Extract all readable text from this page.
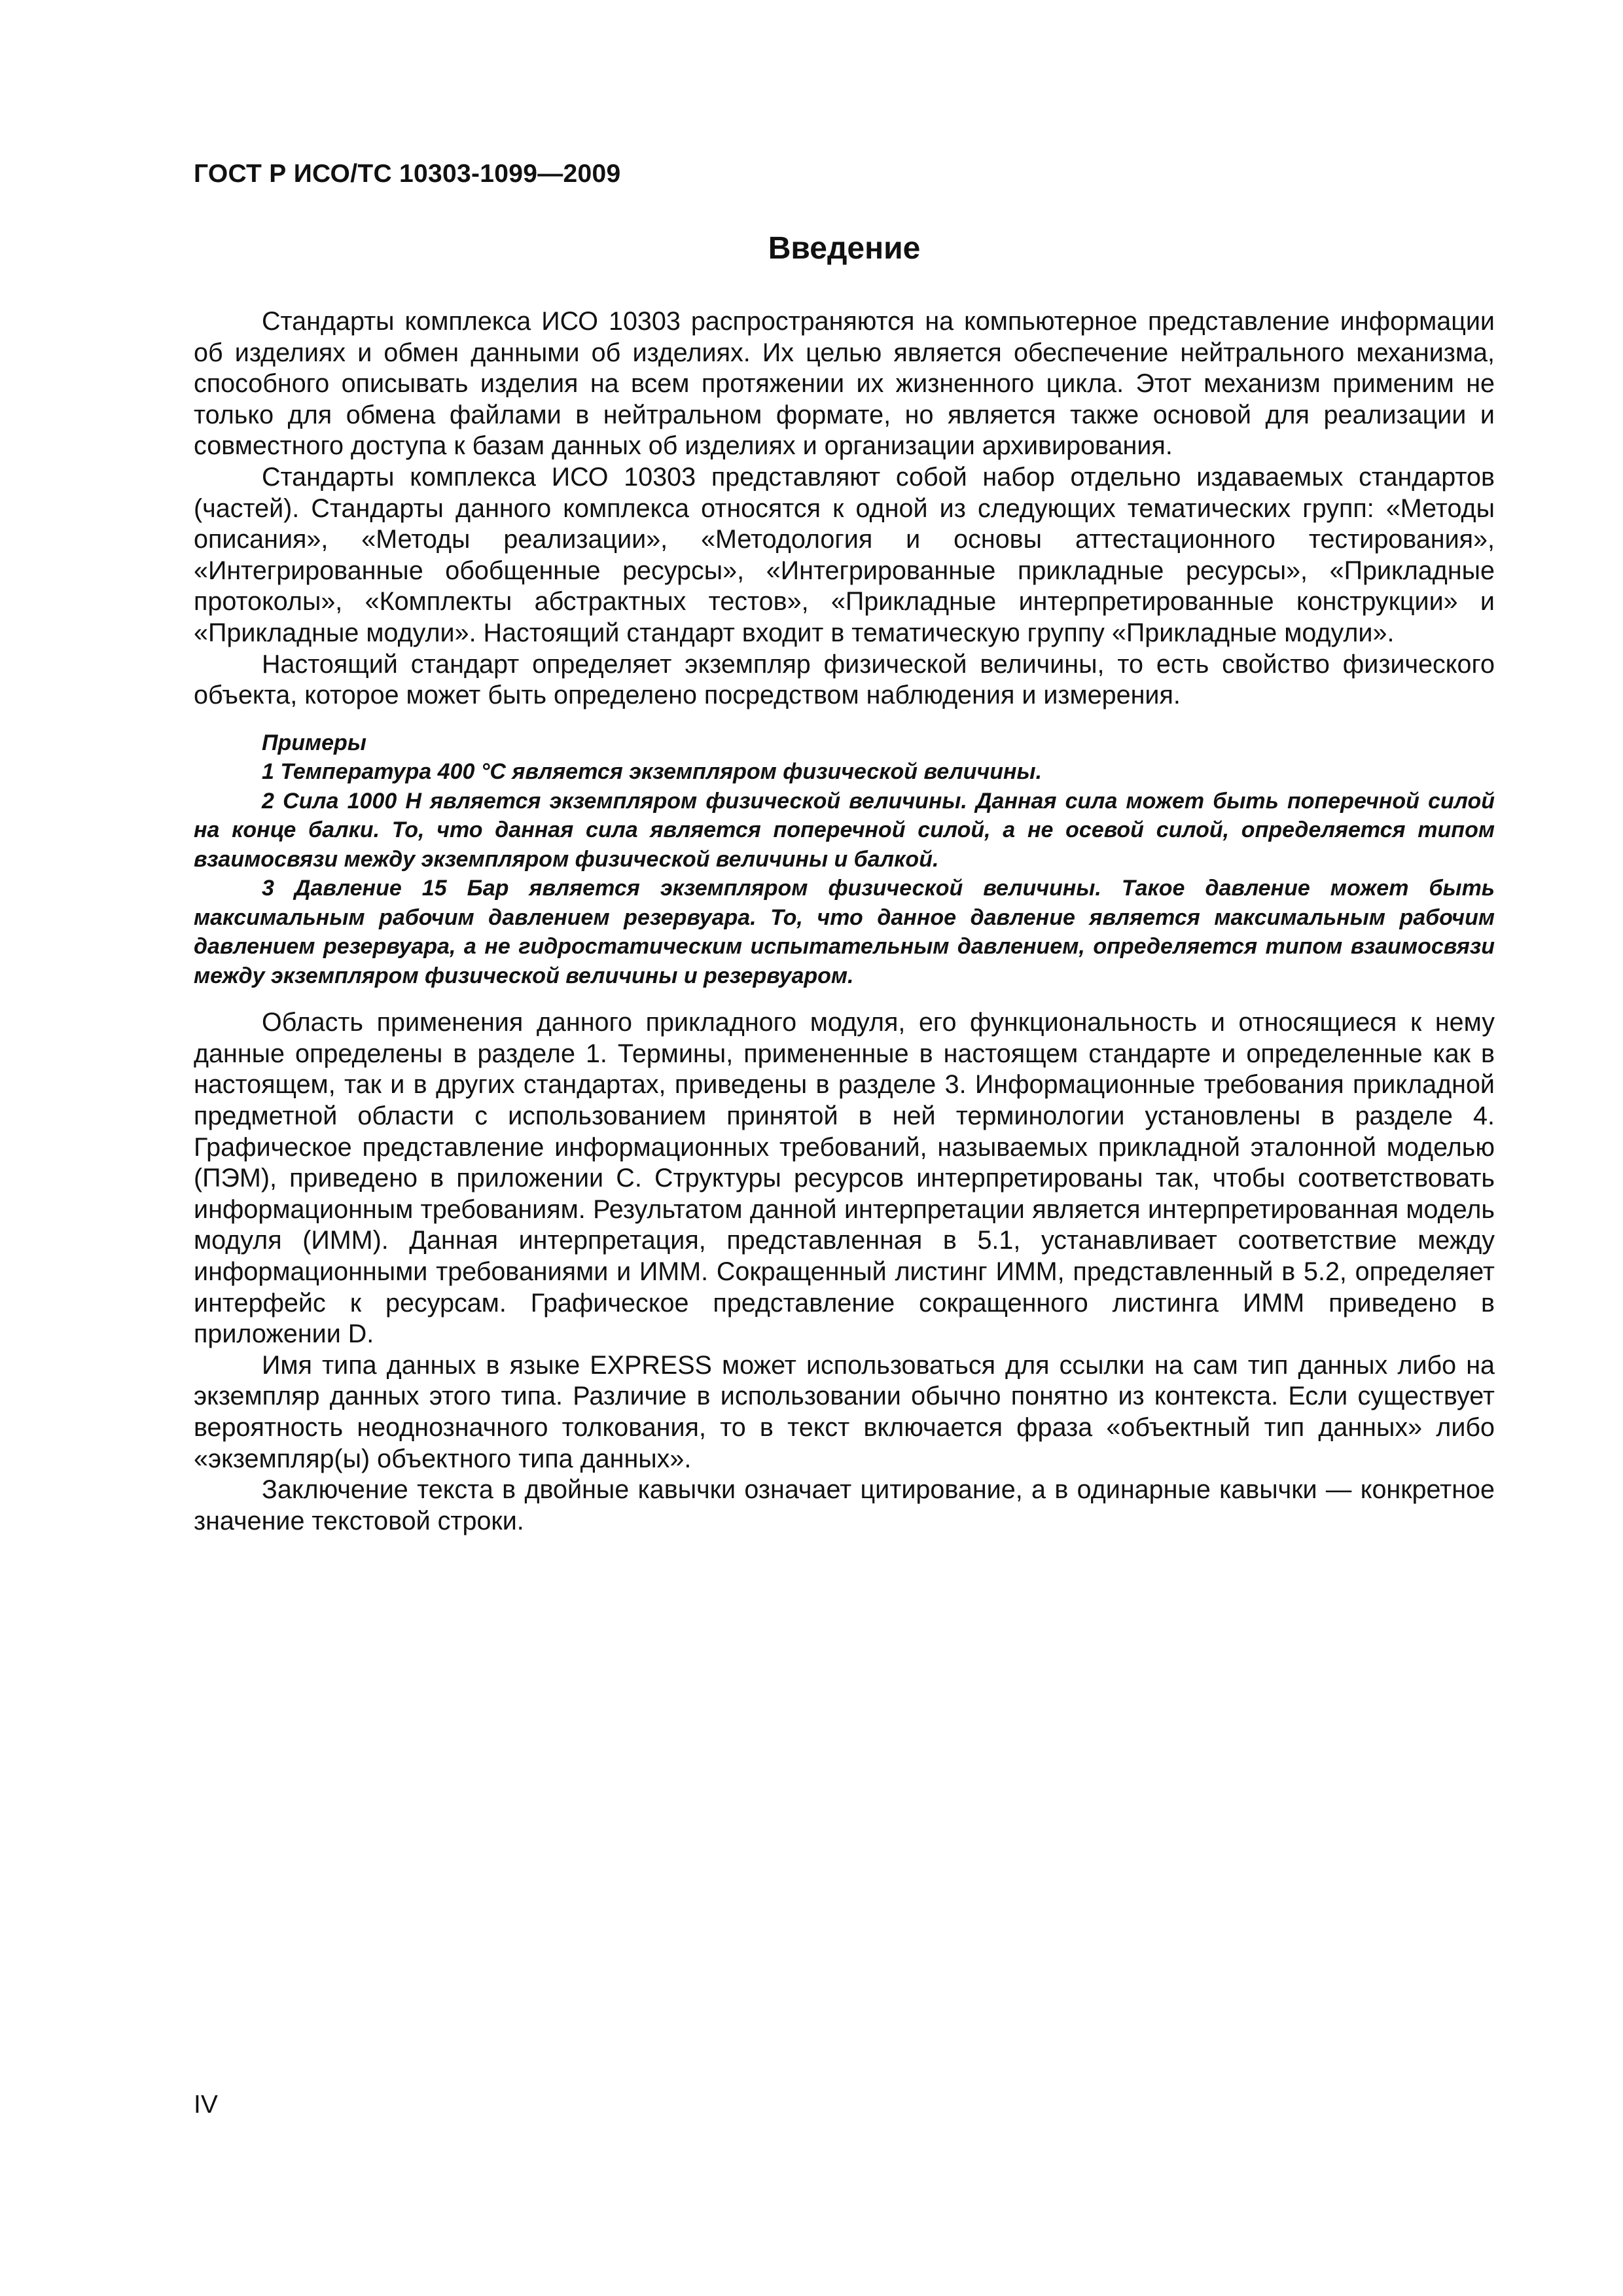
ГОСТ Р ИСО/ТС 10303-1099—2009
Введение

Стандарты комплекса ИСО 10303 распространяются на компьютерное представление информации об изделиях и обмен данными об изделиях. Их целью является обеспечение нейтрального механизма, способного описывать изделия на всем протяжении их жизненного цикла. Этот механизм применим не только для обмена файлами в нейтральном формате, но является также основой для реализации и совместного доступа к базам данных об изделиях и организации архивирования.

Стандарты комплекса ИСО 10303 представляют собой набор отдельно издаваемых стандартов (частей). Стандарты данного комплекса относятся к одной из следующих тематических групп: «Методы описания», «Методы реализации», «Методология и основы аттестационного тестирования», «Интегрированные обобщенные ресурсы», «Интегрированные прикладные ресурсы», «Прикладные протоколы», «Комплекты абстрактных тестов», «Прикладные интерпретированные конструкции» и «Прикладные модули». Настоящий стандарт входит в тематическую группу «Прикладные модули».

Настоящий стандарт определяет экземпляр физической величины, то есть свойство физического объекта, которое может быть определено посредством наблюдения и измерения.

Примеры

1 Температура 400 °С является экземпляром физической величины.

2 Сила 1000 Н является экземпляром физической величины. Данная сила может быть поперечной силой на конце балки. То, что данная сила является поперечной силой, а не осевой силой, определяется типом взаимосвязи между экземпляром физической величины и балкой.

3 Давление 15 Бар является экземпляром физической величины. Такое давление может быть максимальным рабочим давлением резервуара. То, что данное давление является максимальным рабочим давлением резервуара, а не гидростатическим испытательным давлением, определяется типом взаимосвязи между экземпляром физической величины и резервуаром.

Область применения данного прикладного модуля, его функциональность и относящиеся к нему данные определены в разделе 1. Термины, примененные в настоящем стандарте и определенные как в настоящем, так и в других стандартах, приведены в разделе 3. Информационные требования прикладной предметной области с использованием принятой в ней терминологии установлены в разделе 4. Графическое представление информационных требований, называемых прикладной эталонной моделью (ПЭМ), приведено в приложении С. Структуры ресурсов интерпретированы так, чтобы соответствовать информационным требованиям. Результатом данной интерпретации является интерпретированная модель модуля (ИММ). Данная интерпретация, представленная в 5.1, устанавливает соответствие между информационными требованиями и ИММ. Сокращенный листинг ИММ, представленный в 5.2, определяет интерфейс к ресурсам. Графическое представление сокращенного листинга ИММ приведено в приложении D.

Имя типа данных в языке EXPRESS может использоваться для ссылки на сам тип данных либо на экземпляр данных этого типа. Различие в использовании обычно понятно из контекста. Если существует вероятность неоднозначного толкования, то в текст включается фраза «объектный тип данных» либо «экземпляр(ы) объектного типа данных».

Заключение текста в двойные кавычки означает цитирование, а в одинарные кавычки — конкретное значение текстовой строки.

IV
